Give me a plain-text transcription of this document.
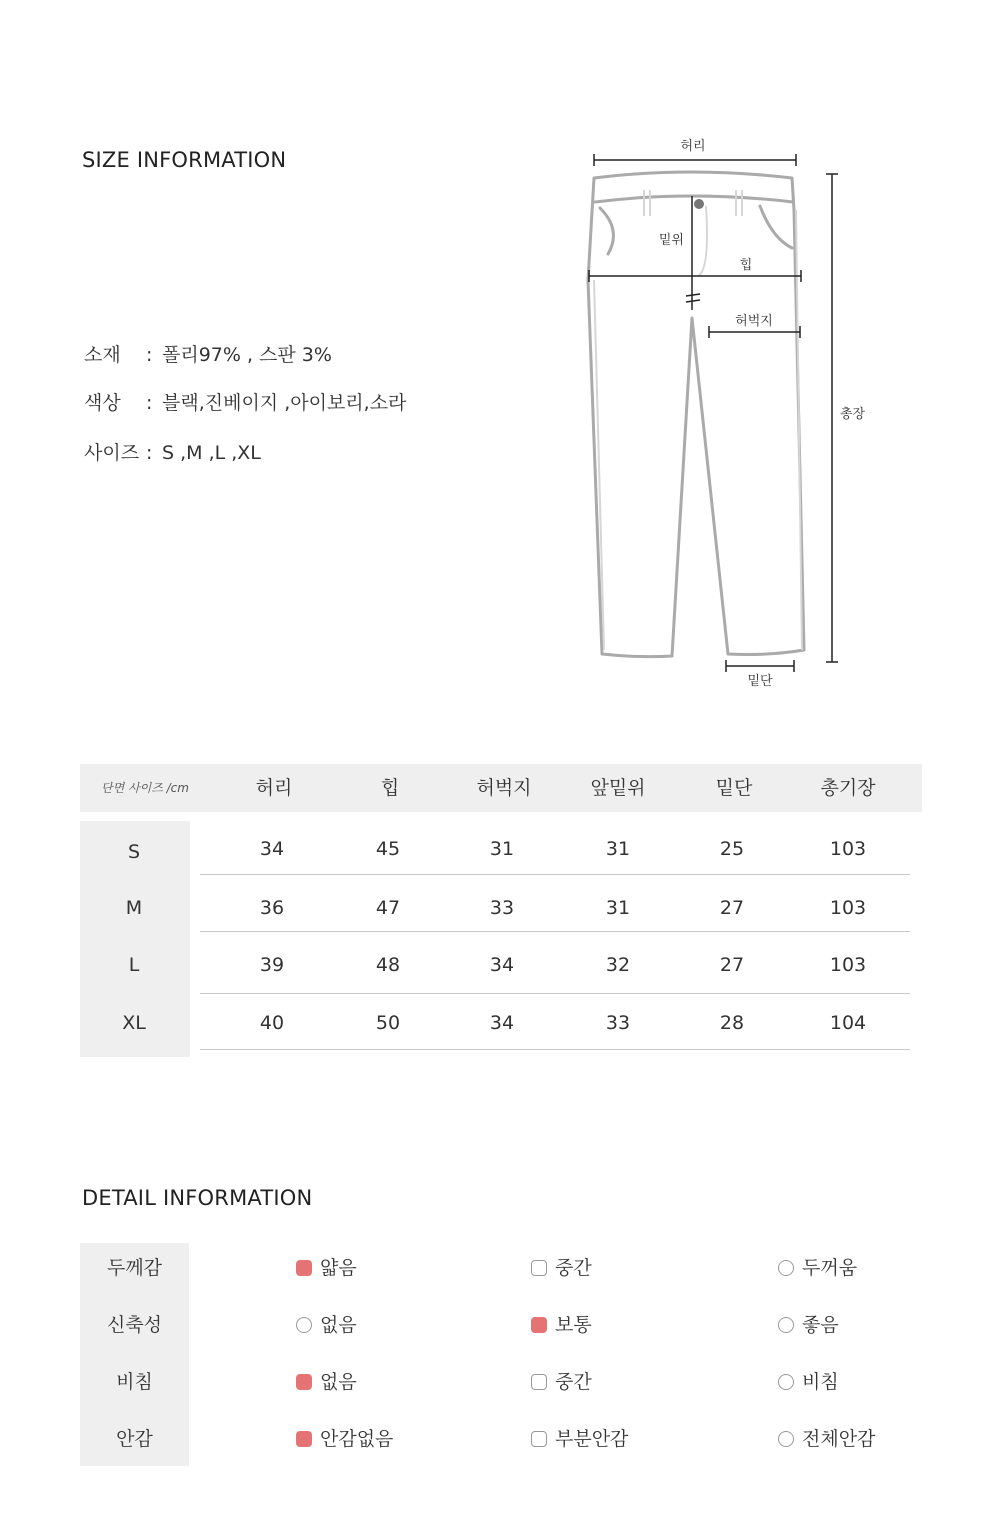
SIZE INFORMATION
소재 : 폴리97% , 스판 3%
색상 : 블랙,진베이지 ,아이보리,소라
사이즈 : S ,M ,L ,XL
허리
밑위
힙
허벅지
총장
밑단
단면 사이즈 /cm	허리	힙	허벅지	앞밑위	밑단	총기장
S	34	45	31	31	25	103
M	36	47	33	31	27	103
L	39	48	34	32	27	103
XL	40	50	34	33	28	104
DETAIL INFORMATION
두께감	얇음	중간	두꺼움
신축성	없음	보통	좋음
비침	없음	중간	비침
안감	안감없음	부분안감	전체안감
